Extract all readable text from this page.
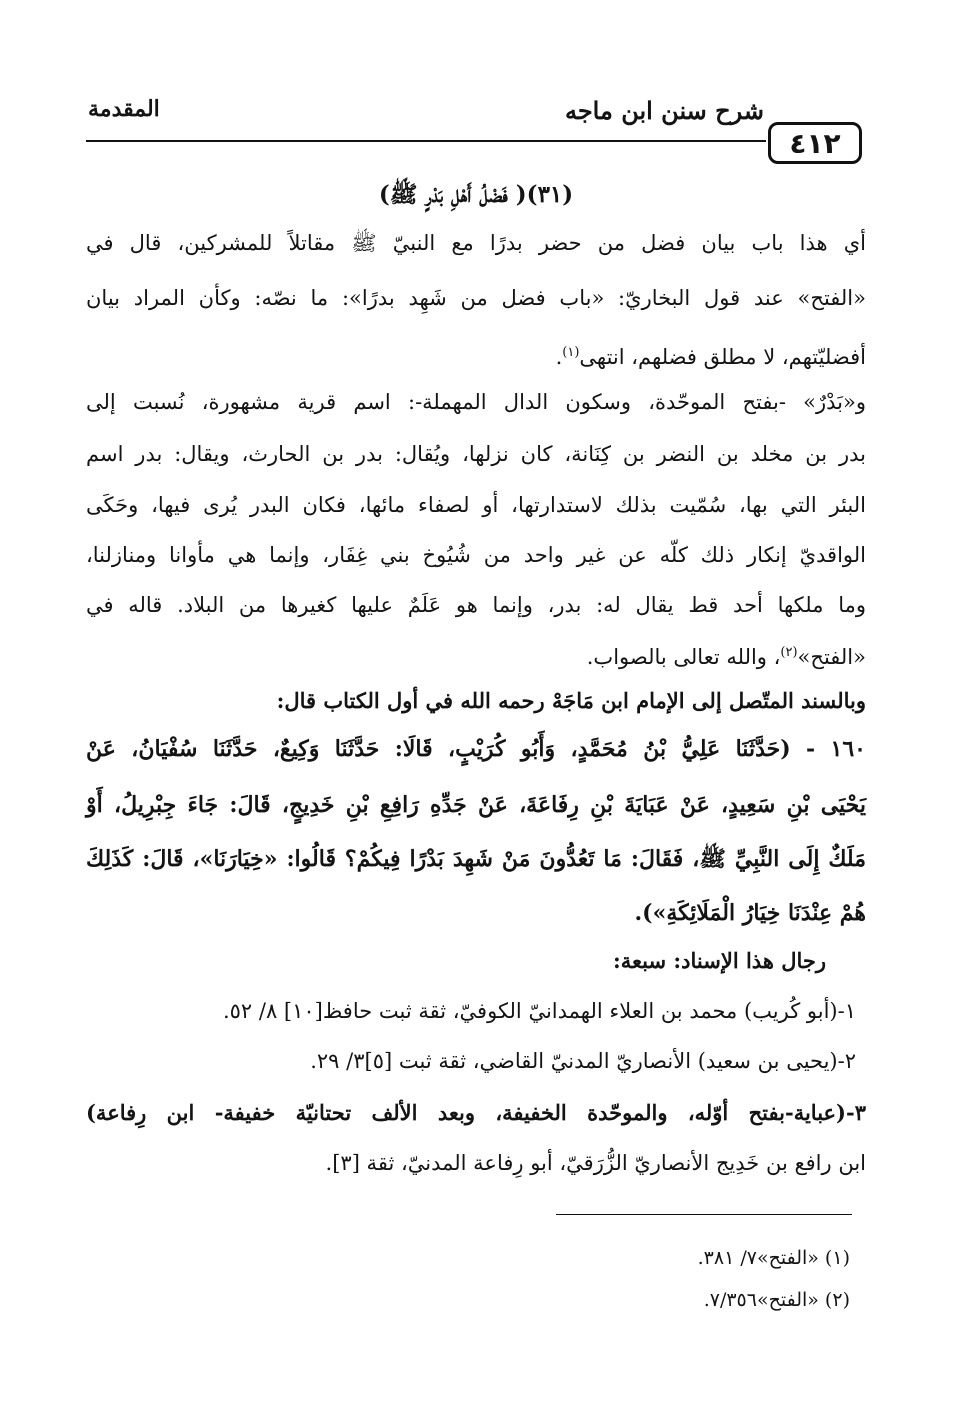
المقدمة	شرح سنن ابن ماجه
٤١٢
(٣١)( فَضْلُ أَهْلِ بَدْرٍ ﷺ)
أي هذا باب بيان فضل من حضر بدرًا مع النبيّ ﷺ مقاتلاً للمشركين، قال في
«الفتح» عند قول البخاريّ: «باب فضل من شَهِد بدرًا»: ما نصّه: وكأن المراد بيان
أفضليّتهم، لا مطلق فضلهم، انتهى$^{(١)}$.
و«بَدْرٌ» -بفتح الموحّدة، وسكون الدال المهملة-: اسم قرية مشهورة، نُسبت إلى
بدر بن مخلد بن النضر بن كِنَانة، كان نزلها، ويُقال: بدر بن الحارث، ويقال: بدر اسم
البئر التي بها، سُمّيت بذلك لاستدارتها، أو لصفاء مائها، فكان البدر يُرى فيها، وحَكَى
الواقديّ إنكار ذلك كلّه عن غير واحد من شُيُوخ بني غِفَار، وإنما هي مأوانا ومنازلنا،
وما ملكها أحد قط يقال له: بدر، وإنما هو عَلَمٌ عليها كغيرها من البلاد. قاله في
«الفتح»$^{(٢)}$، والله تعالى بالصواب.
وبالسند المتّصل إلى الإمام ابن مَاجَهْ رحمه الله في أول الكتاب قال:
١٦٠ - (حَدَّثَنَا عَلِيُّ بْنُ مُحَمَّدٍ، وَأَبُو كُرَيْبٍ، قَالَا: حَدَّثَنَا وَكِيعٌ، حَدَّثَنَا سُفْيَانُ، عَنْ
يَحْيَى بْنِ سَعِيدٍ، عَنْ عَبَايَةَ بْنِ رِفَاعَةَ، عَنْ جَدِّهِ رَافِعِ بْنِ خَدِيجٍ، قَالَ: جَاءَ جِبْرِيلُ، أَوْ
مَلَكٌ إِلَى النَّبِيِّ ﷺ، فَقَالَ: مَا تَعُدُّونَ مَنْ شَهِدَ بَدْرًا فِيكُمْ؟ قَالُوا: «خِيَارَنَا»، قَالَ: كَذَلِكَ
هُمْ عِنْدَنَا خِيَارُ الْمَلَائِكَةِ»).
رجال هذا الإسناد: سبعة:
١-(أبو كُريب) محمد بن العلاء الهمدانيّ الكوفيّ، ثقة ثبت حافظ[١٠] ٨/ ٥٢.
٢-(يحيى بن سعيد) الأنصاريّ المدنيّ القاضي، ثقة ثبت [٥]٣/ ٢٩.
٣-(عباية-بفتح أوّله، والموحّدة الخفيفة، وبعد الألف تحتانيّة خفيفة- ابن رِفاعة)
ابن رافع بن خَدِيج الأنصاريّ الزُّرَقيّ، أبو رِفاعة المدنيّ، ثقة [٣].
(١) «الفتح»٧/ ٣٨١.
(٢) «الفتح»٧/٣٥٦.
